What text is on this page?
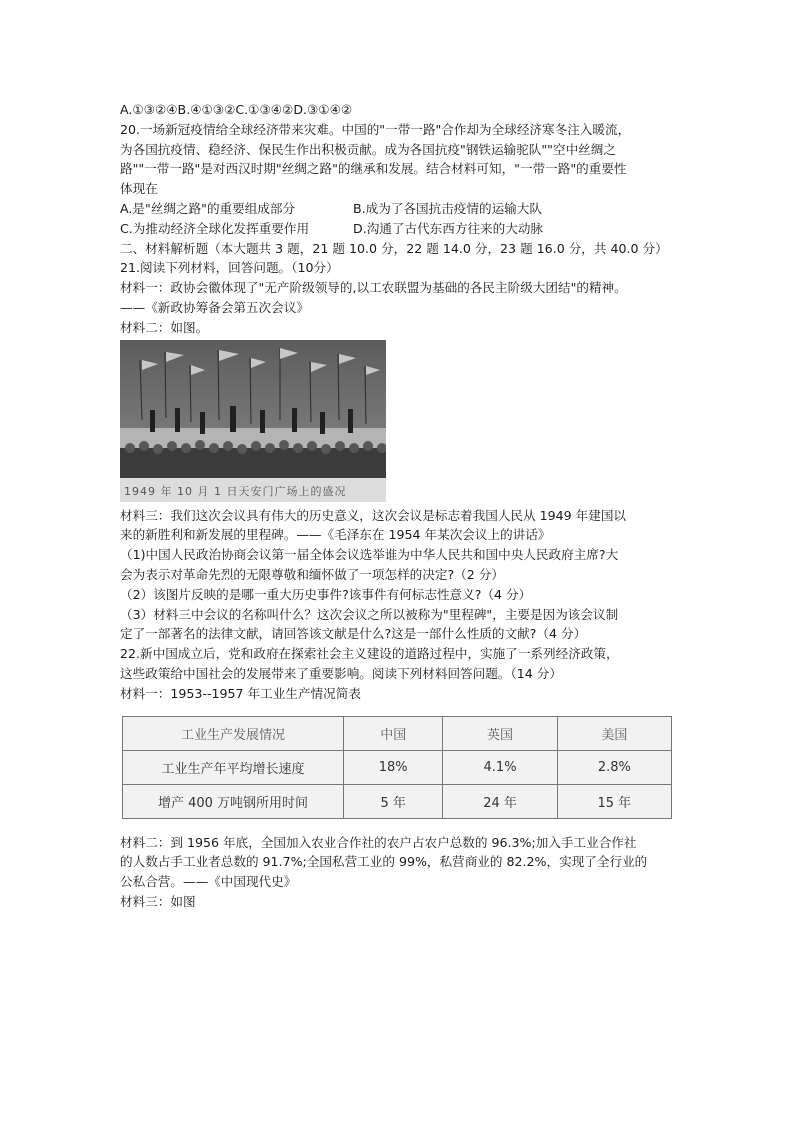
A.①③②④B.④①③②C.①③④②D.③①④②
20.一场新冠疫情给全球经济带来灾难。中国的"一带一路"合作却为全球经济寒冬注入暖流，
为各国抗疫情、稳经济、保民生作出积极贡献。成为各国抗疫"钢铁运输驼队""空中丝绸之
路""一带一路"是对西汉时期"丝绸之路"的继承和发展。结合材料可知，"一带一路"的重要性
体现在
A.是"丝绸之路"的重要组成部分	B.成为了各国抗击疫情的运输大队
C.为推动经济全球化发挥重要作用	D.沟通了古代东西方往来的大动脉
二、材料解析题（本大题共 3 题，21 题 10.0 分，22 题 14.0 分，23 题 16.0 分，共 40.0 分）
21.阅读下列材料，回答问题。（10分）
材料一：政协会徽体现了"无产阶级领导的,以工农联盟为基础的各民主阶级大团结"的精神。
——《新政协筹备会第五次会议》
材料二：如图。
1949 年 10 月 1 日天安门广场上的盛况
材料三：我们这次会议具有伟大的历史意义，这次会议是标志着我国人民从 1949 年建国以
来的新胜利和新发展的里程碑。——《毛泽东在 1954 年某次会议上的讲话》
（1)中国人民政治协商会议第一届全体会议选举谁为中华人民共和国中央人民政府主席?大
会为表示对革命先烈的无限尊敬和缅怀做了一项怎样的决定?（2 分）
（2）该图片反映的是哪一重大历史事件?该事件有何标志性意义?（4 分）
（3）材料三中会议的名称叫什么？这次会议之所以被称为"里程碑"，主要是因为该会议制
定了一部著名的法律文献，请回答该文献是什么?这是一部什么性质的文献?（4 分）
22.新中国成立后，党和政府在探索社会主义建设的道路过程中，实施了一系列经济政策，
这些政策给中国社会的发展带来了重要影响。阅读下列材料回答问题。（14 分）
材料一：1953--1957 年工业生产情况简表
工业生产发展情况	中国	英国	美国
工业生产年平均增长速度	18%	4.1%	2.8%
增产 400 万吨钢所用时间	5 年	24 年	15 年
材料二：到 1956 年底，全国加入农业合作社的农户占农户总数的 96.3%;加入手工业合作社
的人数占手工业者总数的 91.7%;全国私营工业的 99%，私营商业的 82.2%，实现了全行业的
公私合营。——《中国现代史》
材料三：如图
